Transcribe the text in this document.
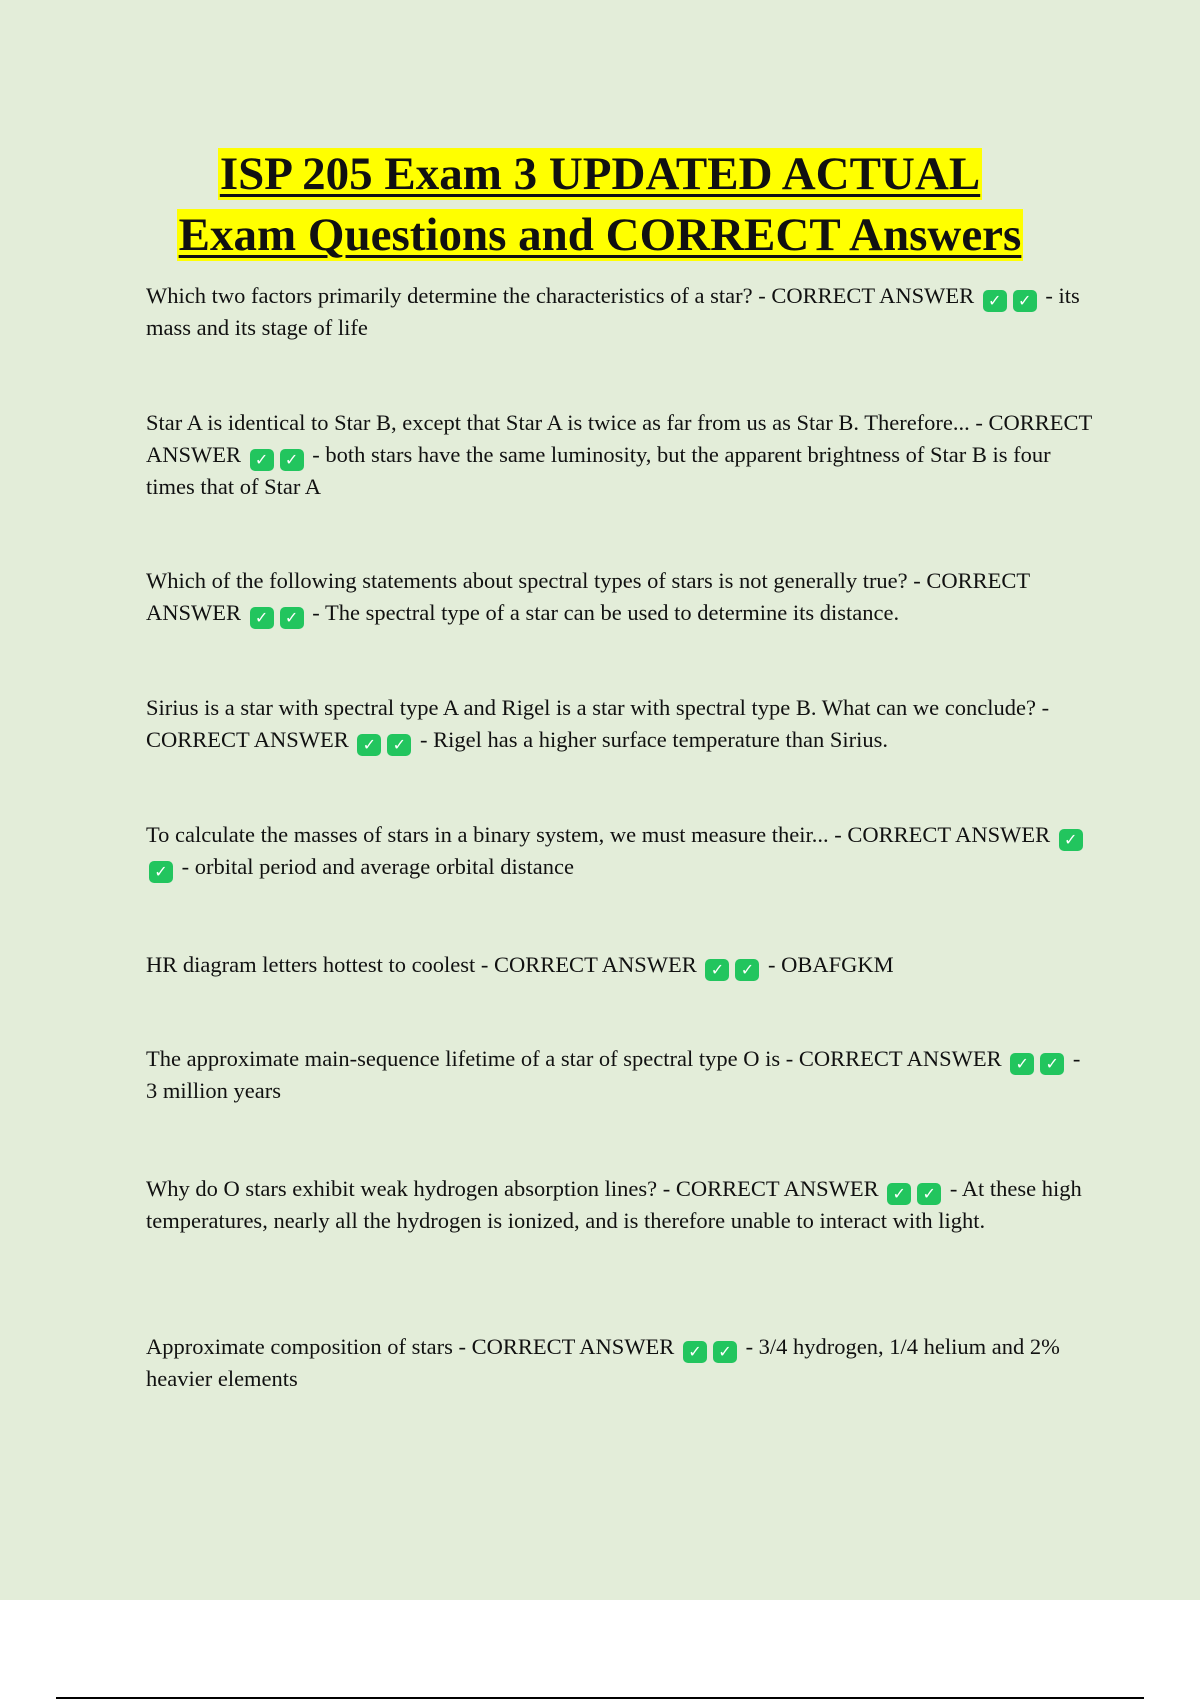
ISP 205 Exam 3 UPDATED ACTUAL
Exam Questions and CORRECT Answers

Which two factors primarily determine the characteristics of a star? - CORRECT ANSWER ✓ ✓ - its mass and its stage of life

Star A is identical to Star B, except that Star A is twice as far from us as Star B. Therefore... - CORRECT ANSWER ✓ ✓ - both stars have the same luminosity, but the apparent brightness of Star B is four times that of Star A

Which of the following statements about spectral types of stars is not generally true? - CORRECT ANSWER ✓ ✓ - The spectral type of a star can be used to determine its distance.

Sirius is a star with spectral type A and Rigel is a star with spectral type B. What can we conclude? - CORRECT ANSWER ✓ ✓ - Rigel has a higher surface temperature than Sirius.

To calculate the masses of stars in a binary system, we must measure their... - CORRECT ANSWER ✓✓ - orbital period and average orbital distance

HR diagram letters hottest to coolest - CORRECT ANSWER ✓ ✓ - OBAFGKM

The approximate main-sequence lifetime of a star of spectral type O is - CORRECT ANSWER ✓ ✓ - 3 million years

Why do O stars exhibit weak hydrogen absorption lines? - CORRECT ANSWER ✓ ✓ - At these high temperatures, nearly all the hydrogen is ionized, and is therefore unable to interact with light.

Approximate composition of stars - CORRECT ANSWER ✓ ✓ - 3/4 hydrogen, 1/4 helium and 2% heavier elements
